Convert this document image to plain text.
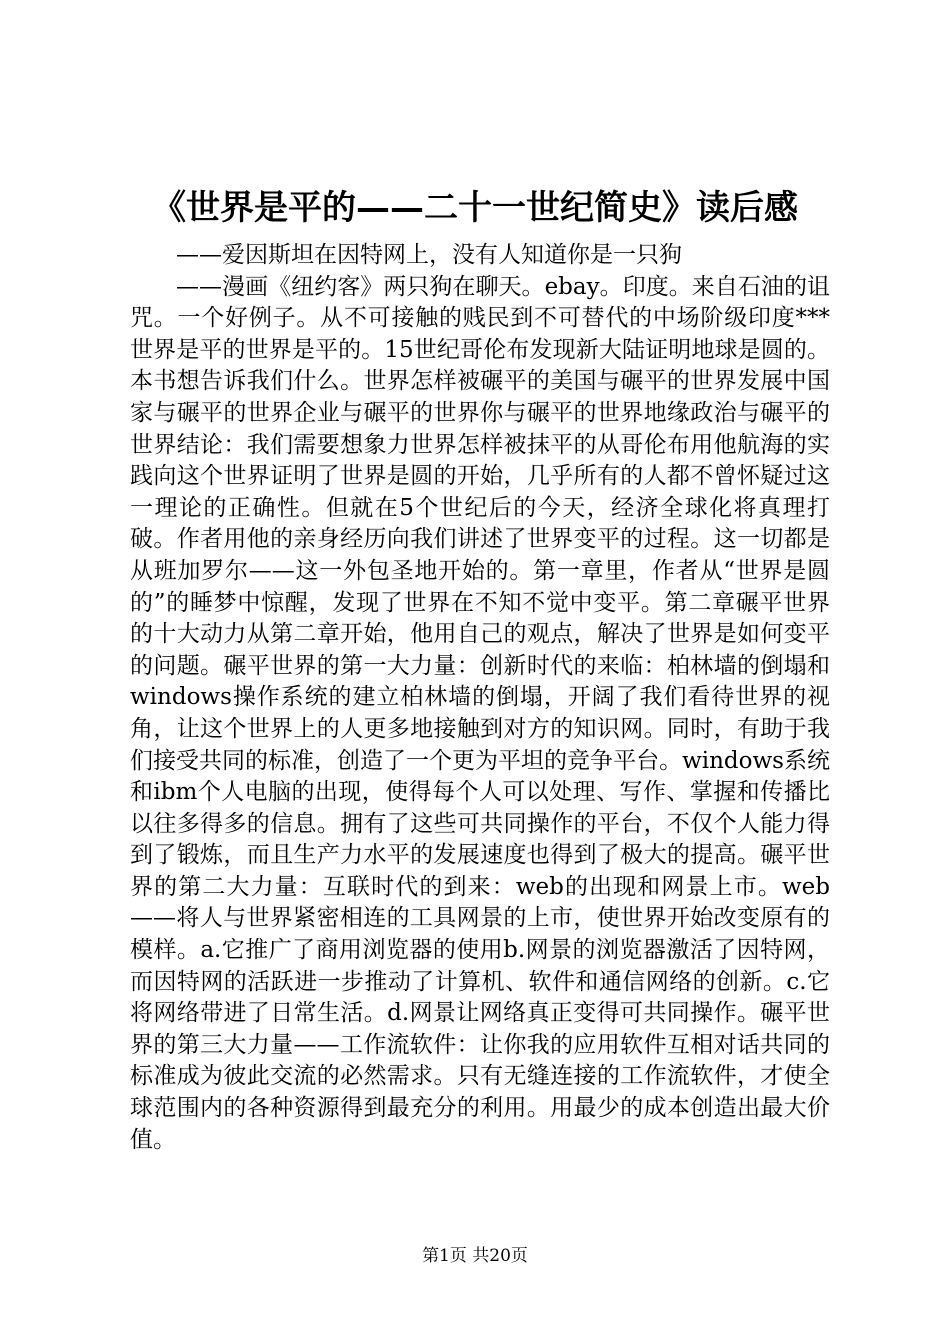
《世界是平的——二十一世纪简史》读后感

——爱因斯坦在因特网上，没有人知道你是一只狗

——漫画《纽约客》两只狗在聊天。ebay。印度。来自石油的诅咒。一个好例子。从不可接触的贱民到不可替代的中场阶级印度***世界是平的世界是平的。15世纪哥伦布发现新大陆证明地球是圆的。本书想告诉我们什么。世界怎样被碾平的美国与碾平的世界发展中国家与碾平的世界企业与碾平的世界你与碾平的世界地缘政治与碾平的世界结论：我们需要想象力世界怎样被抹平的从哥伦布用他航海的实践向这个世界证明了世界是圆的开始，几乎所有的人都不曾怀疑过这一理论的正确性。但就在5个世纪后的今天，经济全球化将真理打破。作者用他的亲身经历向我们讲述了世界变平的过程。这一切都是从班加罗尔——这一外包圣地开始的。第一章里，作者从“世界是圆的”的睡梦中惊醒，发现了世界在不知不觉中变平。第二章碾平世界的十大动力从第二章开始，他用自己的观点，解决了世界是如何变平的问题。碾平世界的第一大力量：创新时代的来临：柏林墙的倒塌和windows操作系统的建立柏林墙的倒塌，开阔了我们看待世界的视角，让这个世界上的人更多地接触到对方的知识网。同时，有助于我们接受共同的标准，创造了一个更为平坦的竞争平台。windows系统和ibm个人电脑的出现，使得每个人可以处理、写作、掌握和传播比以往多得多的信息。拥有了这些可共同操作的平台，不仅个人能力得到了锻炼，而且生产力水平的发展速度也得到了极大的提高。碾平世界的第二大力量：互联时代的到来：web的出现和网景上市。web——将人与世界紧密相连的工具网景的上市，使世界开始改变原有的模样。a.它推广了商用浏览器的使用b.网景的浏览器激活了因特网，而因特网的活跃进一步推动了计算机、软件和通信网络的创新。c.它将网络带进了日常生活。d.网景让网络真正变得可共同操作。碾平世界的第三大力量——工作流软件：让你我的应用软件互相对话共同的标准成为彼此交流的必然需求。只有无缝连接的工作流软件，才使全球范围内的各种资源得到最充分的利用。用最少的成本创造出最大价值。

第1页 共20页
